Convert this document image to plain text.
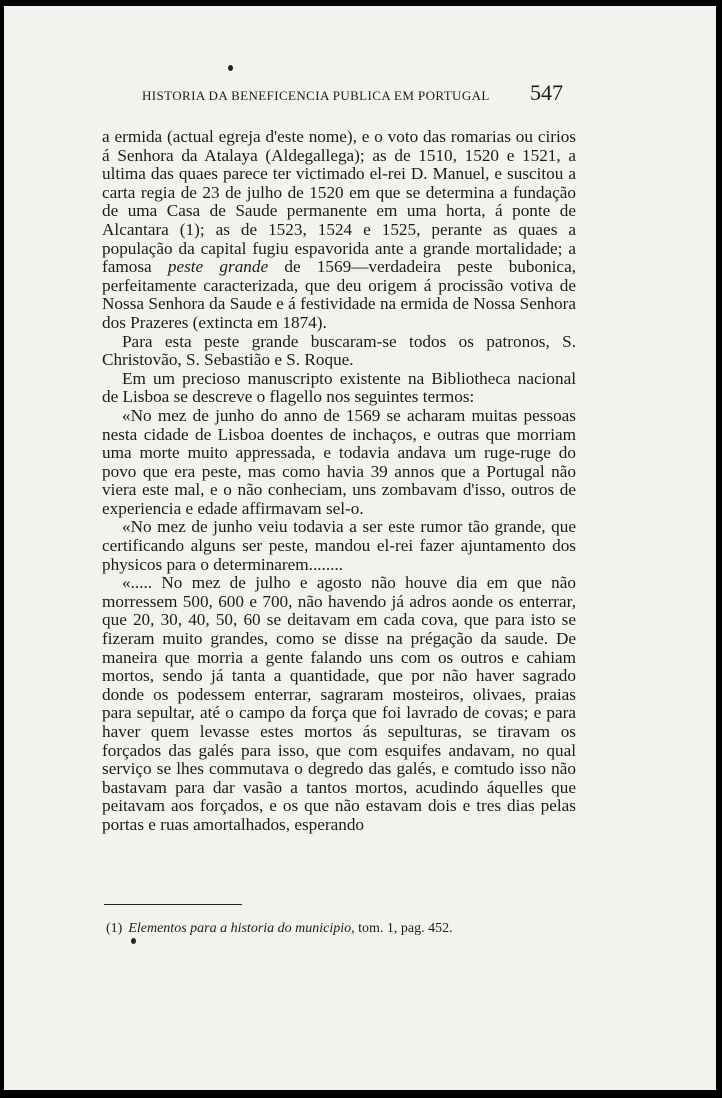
HISTORIA DA BENEFICENCIA PUBLICA EM PORTUGAL 547

a ermida (actual egreja d'este nome), e o voto das romarias ou cirios á Senhora da Atalaya (Aldegallega); as de 1510, 1520 e 1521, a ultima das quaes parece ter victimado el-rei D. Manuel, e suscitou a carta regia de 23 de julho de 1520 em que se determina a fundação de uma Casa de Saude permanente em uma horta, á ponte de Alcantara (1); as de 1523, 1524 e 1525, perante as quaes a população da capital fugiu espavorida ante a grande mortalidade; a famosa peste grande de 1569—verdadeira peste bubonica, perfeitamente caracterizada, que deu origem á procissão votiva de Nossa Senhora da Saude e á festividade na ermida de Nossa Senhora dos Prazeres (extincta em 1874).

Para esta peste grande buscaram-se todos os patronos, S. Christovão, S. Sebastião e S. Roque.

Em um precioso manuscripto existente na Bibliotheca nacional de Lisboa se descreve o flagello nos seguintes termos:

«No mez de junho do anno de 1569 se acharam muitas pessoas nesta cidade de Lisboa doentes de inchaços, e outras que morriam uma morte muito appressada, e todavia andava um ruge-ruge do povo que era peste, mas como havia 39 annos que a Portugal não viera este mal, e o não conheciam, uns zombavam d'isso, outros de experiencia e edade affirmavam sel-o.

«No mez de junho veiu todavia a ser este rumor tão grande, que certificando alguns ser peste, mandou el-rei fazer ajuntamento dos physicos para o determinarem........

«..... No mez de julho e agosto não houve dia em que não morressem 500, 600 e 700, não havendo já adros aonde os enterrar, que 20, 30, 40, 50, 60 se deitavam em cada cova, que para isto se fizeram muito grandes, como se disse na prégação da saude. De maneira que morria a gente falando uns com os outros e cahiam mortos, sendo já tanta a quantidade, que por não haver sagrado donde os podessem enterrar, sagraram mosteiros, olivaes, praias para sepultar, até o campo da força que foi lavrado de covas; e para haver quem levasse estes mortos ás sepulturas, se tiravam os forçados das galés para isso, que com esquifes andavam, no qual serviço se lhes commutava o degredo das galés, e comtudo isso não bastavam para dar vasão a tantos mortos, acudindo áquelles que peitavam aos forçados, e os que não estavam dois e tres dias pelas portas e ruas amortalhados, esperando

(1) Elementos para a historia do municipio, tom. 1, pag. 452.
